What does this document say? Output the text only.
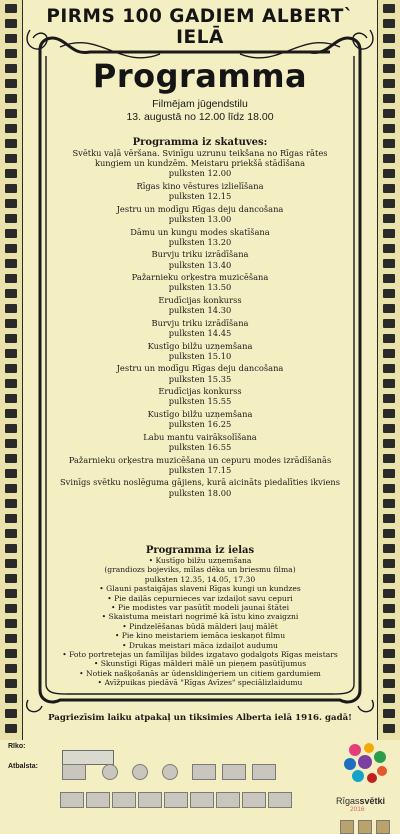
PIRMS 100 GADIEM ALBERT` IELĀ
Programma
Filmējam jūgendstilu
13. augustā no 12.00 līdz 18.00
Programma iz skatuves:
Svētku vaļā vēršana. Svinīgu uzrunu teikšana no Rīgas rātes
kungiem un kundzēm. Meistaru priekšā stādīšana
pulksten 12.00
Rīgas kino vēstures izlielīšana
pulksten 12.15
Jestru un modīgu Rīgas deju dancošana
pulksten 13.00
Dāmu un kungu modes skatīšana
pulksten 13.20
Burvju triku izrādīšana
pulksten 13.40
Pažarnieku orķestra muzicēšana
pulksten 13.50
Erudīcijas konkurss
pulksten 14.30
Burvju triku izrādīšana
pulksten 14.45
Kustīgo bilžu uzņemšana
pulksten 15.10
Jestru un modīgu Rīgas deju dancošana
pulksten 15.35
Erudīcijas konkurss
pulksten 15.55
Kustīgo bilžu uzņemšana
pulksten 16.25
Labu mantu vairāksolīšana
pulksten 16.55
Pažarnieku orķestra muzicēšana un cepuru modes izrādīšanās
pulksten 17.15
Svinīgs svētku noslēguma gājiens, kurā aicināts piedalīties ikviens
pulksten 18.00
Programma iz ielas
• Kustīgo bilžu uzņemšana
(grandiozs bojeviks, mīlas dēka un briesmu filma)
pulksten 12.35, 14.05, 17.30
• Glauni pastaigājas slaveni Rīgas kungi un kundzes
• Pie daiļās cepurnieces var izdaiļot savu cepuri
• Pie modistes var pasūtīt modeli jaunai štātei
• Skaistuma meistari nogrimē kā īstu kino zvaigzni
• Pindzelēšanas būdā mālderi ļauj mālēt
• Pie kino meistariem iemāca ieskaņot filmu
• Drukas meistari māca izdaiļot audumu
• Foto portretejas un famīlijas bildes izgatavo godalgots Rīgas meistars
• Skunstīgi Rīgas mālderi mālē un pieņem pasūtījumus
• Notiek našķošanās ar ūdensklinģeriem un citiem gardumiem
• Avīžpuikas piedāvā "Rīgas Avīzes" speciālizlaidumu
Pagriezīsim laiku atpakaļ un tiksimies Alberta ielā 1916. gadā!
Rīko:
Atbalsta:
Rīgassvētki
2016
